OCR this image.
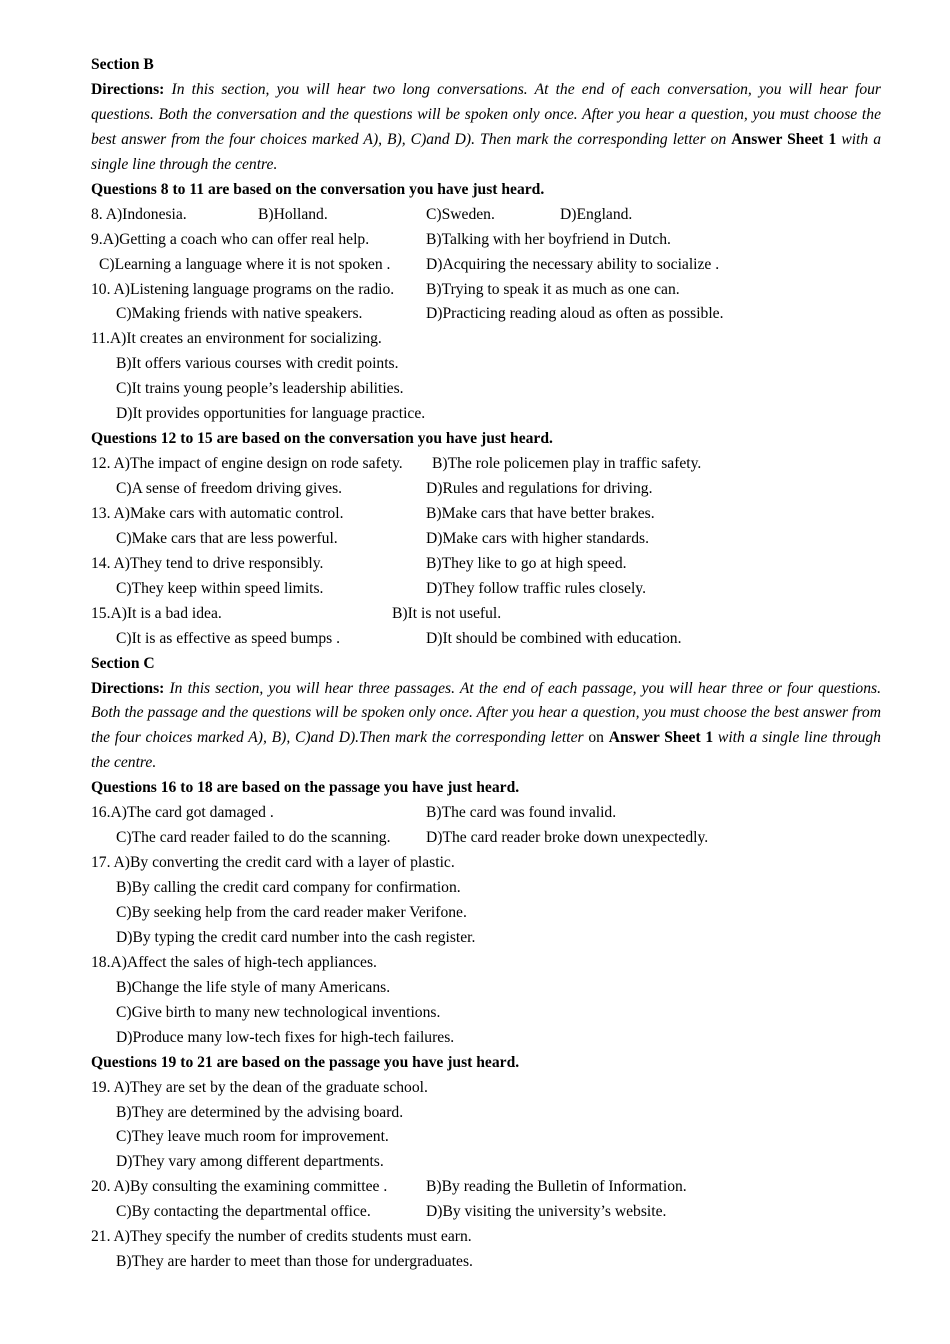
Section B
Directions: In this section, you will hear two long conversations. At the end of each conversation, you will hear four questions. Both the conversation and the questions will be spoken only once. After you hear a question, you must choose the best answer from the four choices marked A), B), C)and D). Then mark the corresponding letter on Answer Sheet 1 with a single line through the centre.
Questions 8 to 11 are based on the conversation you have just heard.
8. A)Indonesia.	B)Holland.	C)Sweden.	D)England.
9.A)Getting a coach who can offer real help.	B)Talking with her boyfriend in Dutch.
C)Learning a language where it is not spoken . D)Acquiring the necessary ability to socialize .
10. A)Listening language programs on the radio. B)Trying to speak it as much as one can.
C)Making friends with native speakers.	D)Practicing reading aloud as often as possible.
11.A)It creates an environment for socializing.
B)It offers various courses with credit points.
C)It trains young people’s leadership abilities.
D)It provides opportunities for language practice.
Questions 12 to 15 are based on the conversation you have just heard.
12. A)The impact of engine design on rode safety. B)The role policemen play in traffic safety.
C)A sense of freedom driving gives.	D)Rules and regulations for driving.
13. A)Make cars with automatic control.	B)Make cars that have better brakes.
C)Make cars that are less powerful.	D)Make cars with higher standards.
14. A)They tend to drive responsibly.	B)They like to go at high speed.
C)They keep within speed limits.	D)They follow traffic rules closely.
15.A)It is a bad idea.	B)It is not useful.
C)It is as effective as speed bumps .	D)It should be combined with education.
Section C
Directions: In this section, you will hear three passages. At the end of each passage, you will hear three or four questions. Both the passage and the questions will be spoken only once. After you hear a question, you must choose the best answer from the four choices marked A), B), C)and D).Then mark the corresponding letter on Answer Sheet 1 with a single line through the centre.
Questions 16 to 18 are based on the passage you have just heard.
16.A)The card got damaged .	B)The card was found invalid.
C)The card reader failed to do the scanning. D)The card reader broke down unexpectedly.
17. A)By converting the credit card with a layer of plastic.
B)By calling the credit card company for confirmation.
C)By seeking help from the card reader maker Verifone.
D)By typing the credit card number into the cash register.
18.A)Affect the sales of high-tech appliances.
B)Change the life style of many Americans.
C)Give birth to many new technological inventions.
D)Produce many low-tech fixes for high-tech failures.
Questions 19 to 21 are based on the passage you have just heard.
19. A)They are set by the dean of the graduate school.
B)They are determined by the advising board.
C)They leave much room for improvement.
D)They vary among different departments.
20. A)By consulting the examining committee . B)By reading the Bulletin of Information.
C)By contacting the departmental office.	D)By visiting the university’s website.
21. A)They specify the number of credits students must earn.
B)They are harder to meet than those for undergraduates.
